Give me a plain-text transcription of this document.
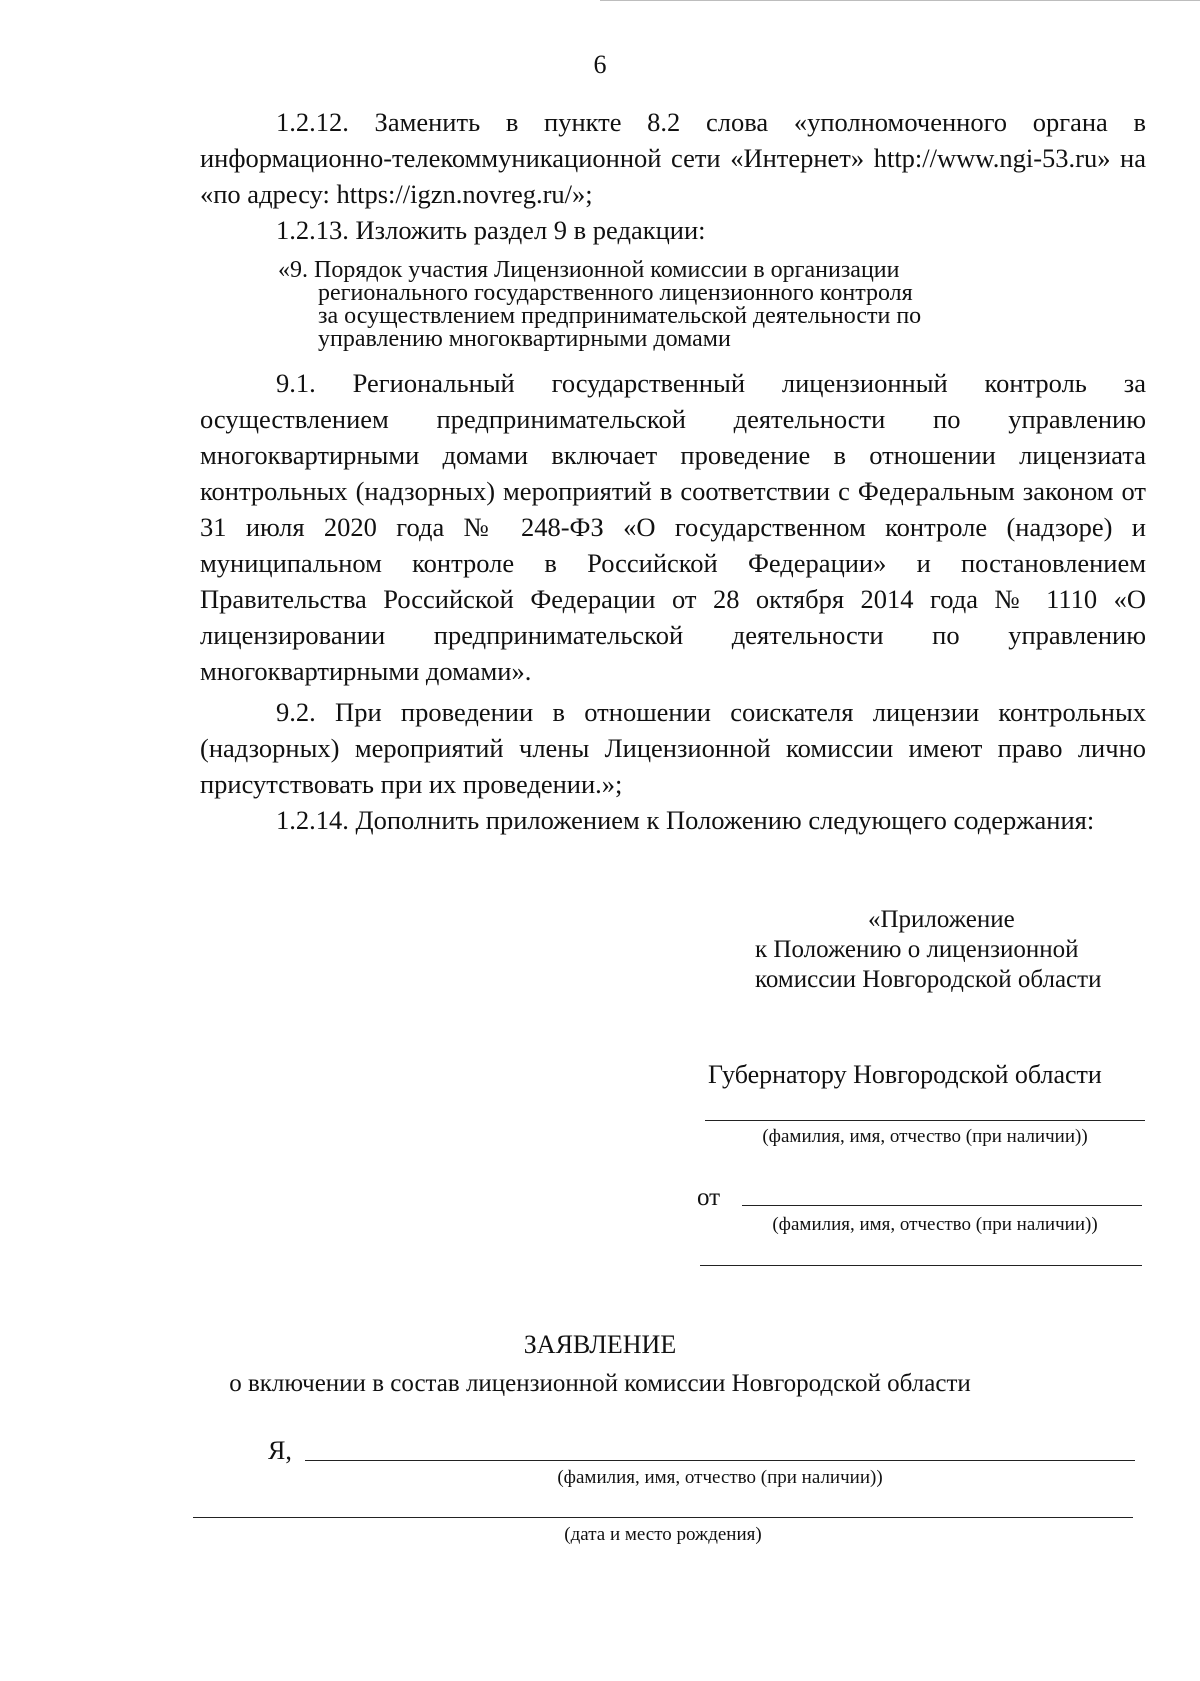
6
1.2.12. Заменить в пункте 8.2 слова «уполномоченного органа в информационно-телекоммуникационной сети «Интернет» http://www.ngi-53.ru» на «по адресу: https://igzn.novreg.ru/»;
1.2.13. Изложить раздел 9 в редакции:
«9. Порядок участия Лицензионной комиссии в организации
регионального государственного лицензионного контроля
за осуществлением предпринимательской деятельности по
управлению многоквартирными домами
9.1. Региональный государственный лицензионный контроль за осуществлением предпринимательской деятельности по управлению многоквартирными домами включает проведение в отношении лицензиата контрольных (надзорных) мероприятий в соответствии с Федеральным законом от 31 июля 2020 года № 248-ФЗ «О государственном контроле (надзоре) и муниципальном контроле в Российской Федерации» и постановлением Правительства Российской Федерации от 28 октября 2014 года № 1110 «О лицензировании предпринимательской деятельности по управлению многоквартирными домами».
9.2. При проведении в отношении соискателя лицензии контрольных (надзорных) мероприятий члены Лицензионной комиссии имеют право лично присутствовать при их проведении.»;
1.2.14. Дополнить приложением к Положению следующего содержания:
«Приложение
к Положению о лицензионной
комиссии Новгородской области
Губернатору Новгородской области
(фамилия, имя, отчество (при наличии))
от
(фамилия, имя, отчество (при наличии))
ЗАЯВЛЕНИЕ
о включении в состав лицензионной комиссии Новгородской области
Я,
(фамилия, имя, отчество (при наличии))
(дата и место рождения)
